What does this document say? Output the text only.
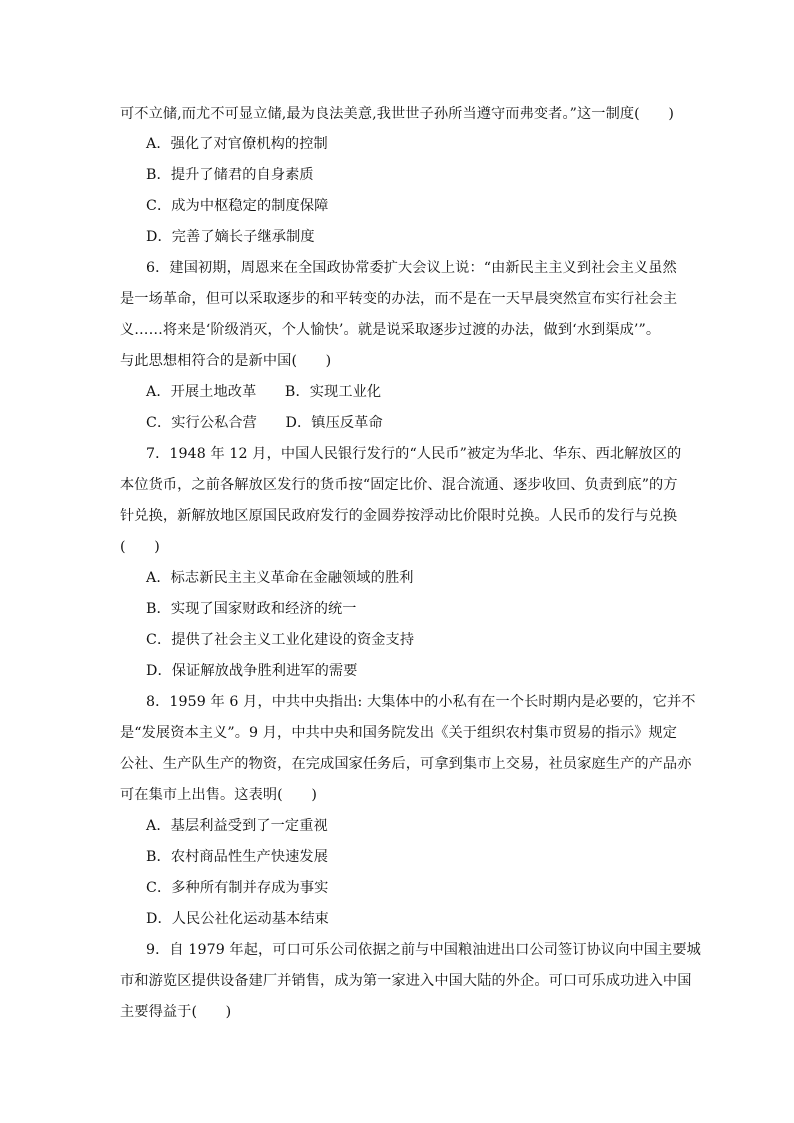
可不立储,而尤不可显立储,最为良法美意,我世世子孙所当遵守而弗变者。”这一制度(　　)
A．强化了对官僚机构的控制
B．提升了储君的自身素质
C．成为中枢稳定的制度保障
D．完善了嫡长子继承制度
6．建国初期，周恩来在全国政协常委扩大会议上说：“由新民主主义到社会主义虽然
是一场革命，但可以采取逐步的和平转变的办法，而不是在一天早晨突然宣布实行社会主
义……将来是‘阶级消灭，个人愉快’。就是说采取逐步过渡的办法，做到‘水到渠成’”。
与此思想相符合的是新中国(　　)
A．开展土地改革　　B．实现工业化
C．实行公私合营　　D．镇压反革命
7．1948 年 12 月，中国人民银行发行的“人民币”被定为华北、华东、西北解放区的
本位货币，之前各解放区发行的货币按“固定比价、混合流通、逐步收回、负责到底”的方
针兑换，新解放地区原国民政府发行的金圆券按浮动比价限时兑换。人民币的发行与兑换
(　　)
A．标志新民主主义革命在金融领域的胜利
B．实现了国家财政和经济的统一
C．提供了社会主义工业化建设的资金支持
D．保证解放战争胜利进军的需要
8．1959 年 6 月，中共中央指出: 大集体中的小私有在一个长时期内是必要的，它并不
是“发展资本主义”。9 月，中共中央和国务院发出《关于组织农村集市贸易的指示》规定
公社、生产队生产的物资，在完成国家任务后，可拿到集市上交易，社员家庭生产的产品亦
可在集市上出售。这表明(　　)
A．基层利益受到了一定重视
B．农村商品性生产快速发展
C．多种所有制并存成为事实
D．人民公社化运动基本结束
9．自 1979 年起，可口可乐公司依据之前与中国粮油进出口公司签订协议向中国主要城
市和游览区提供设备建厂并销售，成为第一家进入中国大陆的外企。可口可乐成功进入中国
主要得益于(　　)
